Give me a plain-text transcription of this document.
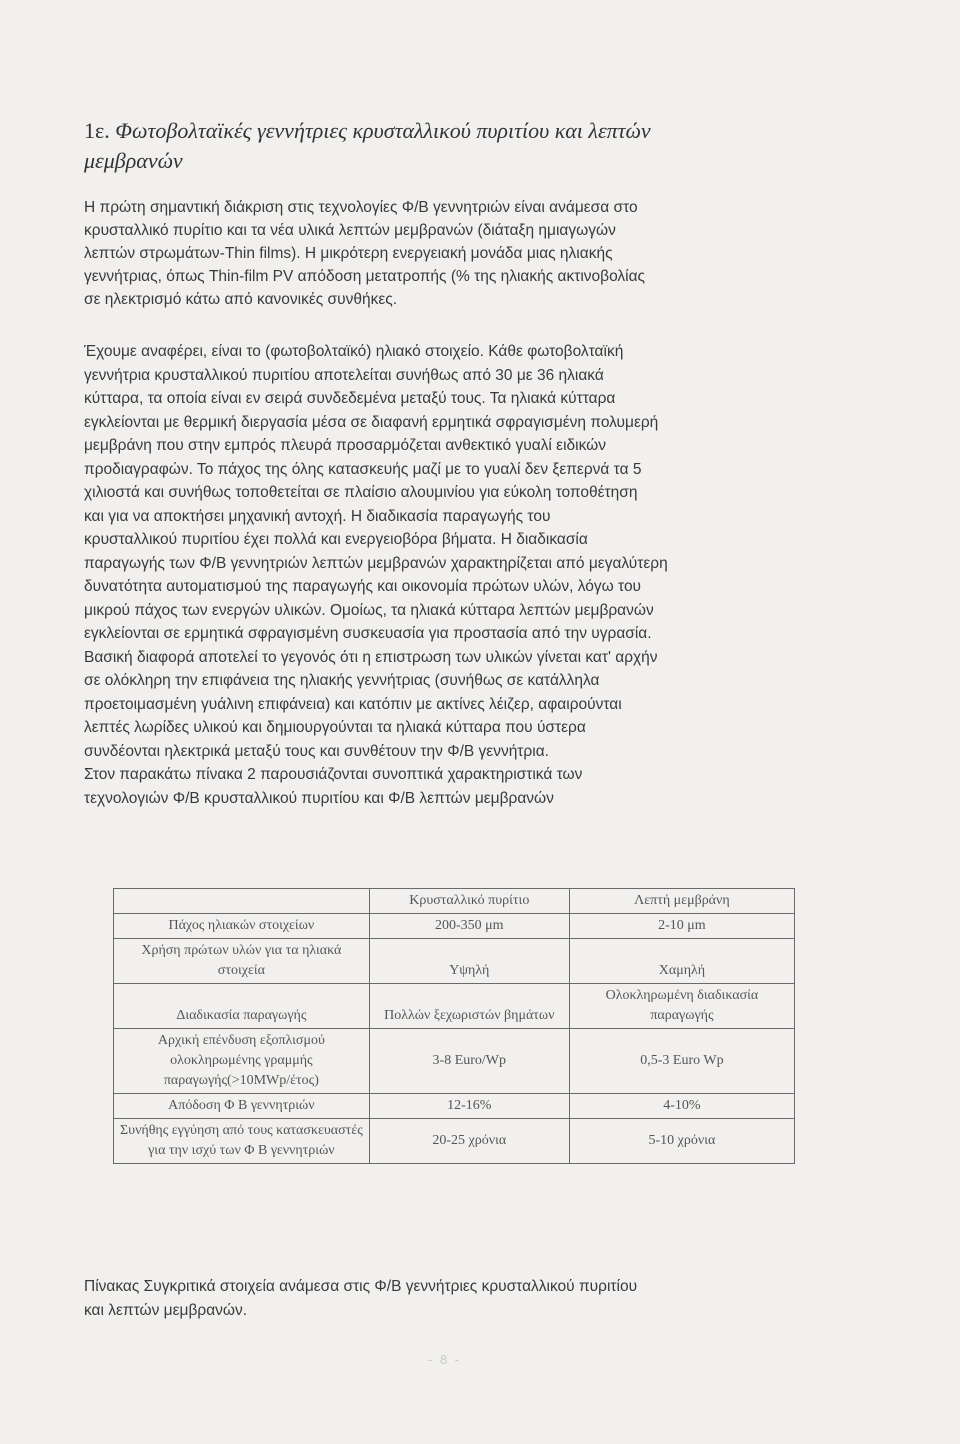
1ε. Φωτοβολταϊκές γεννήτριες κρυσταλλικού πυριτίου και λεπτών
μεμβρανών
Η πρώτη σημαντική διάκριση στις τεχνολογίες Φ/Β γεννητριών είναι ανάμεσα στο
κρυσταλλικό πυρίτιο και τα νέα υλικά λεπτών μεμβρανών (διάταξη ημιαγωγών
λεπτών στρωμάτων-Thin films). Η μικρότερη ενεργειακή μονάδα μιας ηλιακής
γεννήτριας, όπως Thin-film PV απόδοση μετατροπής (% της ηλιακής ακτινοβολίας
σε ηλεκτρισμό κάτω από κανονικές συνθήκες.
Έχουμε αναφέρει, είναι το (φωτοβολταϊκό) ηλιακό στοιχείο. Κάθε φωτοβολταϊκή
γεννήτρια κρυσταλλικού πυριτίου αποτελείται συνήθως από 30 με 36 ηλιακά
κύτταρα, τα οποία είναι εν σειρά συνδεδεμένα μεταξύ τους. Τα ηλιακά κύτταρα
εγκλείονται με θερμική διεργασία μέσα σε διαφανή ερμητικά σφραγισμένη πολυμερή
μεμβράνη που στην εμπρός πλευρά προσαρμόζεται ανθεκτικό γυαλί ειδικών
προδιαγραφών. Το πάχος της όλης κατασκευής μαζί με το γυαλί δεν ξεπερνά τα 5
χιλιοστά και συνήθως τοποθετείται σε πλαίσιο αλουμινίου για εύκολη τοποθέτηση
και για να αποκτήσει μηχανική αντοχή. Η διαδικασία παραγωγής του
κρυσταλλικού πυριτίου έχει πολλά και ενεργειοβόρα βήματα. Η διαδικασία
παραγωγής των Φ/Β γεννητριών λεπτών μεμβρανών χαρακτηρίζεται από μεγαλύτερη
δυνατότητα αυτοματισμού της παραγωγής και οικονομία πρώτων υλών, λόγω του
μικρού πάχος των ενεργών υλικών. Ομοίως, τα ηλιακά κύτταρα λεπτών μεμβρανών
εγκλείονται σε ερμητικά σφραγισμένη συσκευασία για προστασία από την υγρασία.
Βασική διαφορά αποτελεί το γεγονός ότι η επιστρωση των υλικών γίνεται κατ' αρχήν
σε ολόκληρη την επιφάνεια της ηλιακής γεννήτριας (συνήθως σε κατάλληλα
προετοιμασμένη γυάλινη επιφάνεια) και κατόπιν με ακτίνες λέιζερ, αφαιρούνται
λεπτές λωρίδες υλικού και δημιουργούνται τα ηλιακά κύτταρα που ύστερα
συνδέονται ηλεκτρικά μεταξύ τους και συνθέτουν την Φ/Β γεννήτρια.
Στον παρακάτω πίνακα 2 παρουσιάζονται συνοπτικά χαρακτηριστικά των
τεχνολογιών Φ/Β κρυσταλλικού πυριτίου και Φ/Β λεπτών μεμβρανών
	Κρυσταλλικό πυρίτιο	Λεπτή μεμβράνη
Πάχος ηλιακών στοιχείων	200-350 μm	2-10 μm
Χρήση πρώτων υλών για τα ηλιακά στοιχεία	Υψηλή	Χαμηλή
Διαδικασία παραγωγής	Πολλών ξεχωριστών βημάτων	Ολοκληρωμένη διαδικασία παραγωγής
Αρχική επένδυση εξοπλισμού ολοκληρωμένης γραμμής παραγωγής(>10MWp/έτος)	3-8 Euro/Wp	0,5-3 Euro Wp
Απόδοση Φ Β γεννητριών	12-16%	4-10%
Συνήθης εγγύηση από τους κατασκευαστές για την ισχύ των Φ Β γεννητριών	20-25 χρόνια	5-10 χρόνια
Πίνακας Συγκριτικά στοιχεία ανάμεσα στις Φ/Β γεννήτριες κρυσταλλικού πυριτίου
και λεπτών μεμβρανών.
- 8 -
